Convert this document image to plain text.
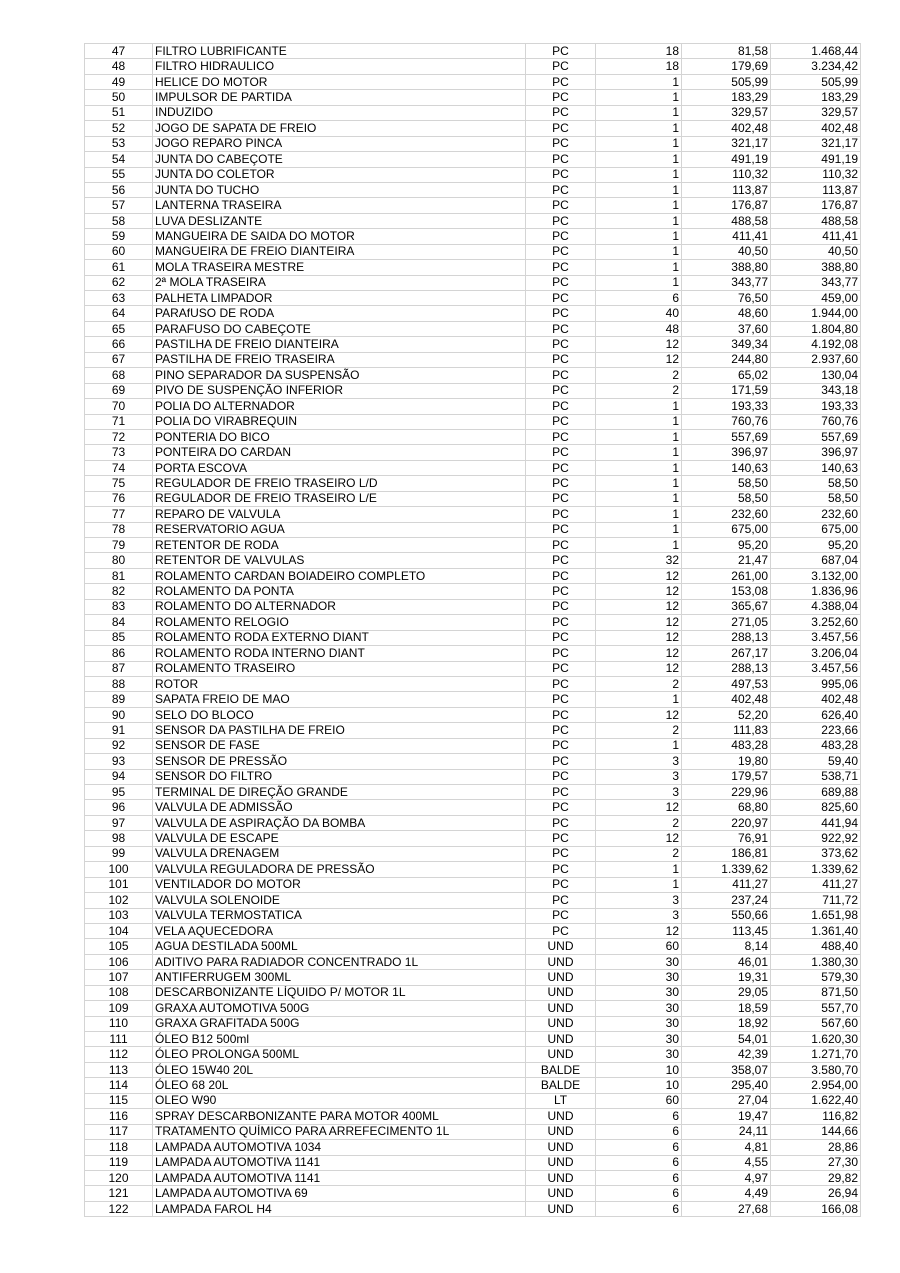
47	FILTRO LUBRIFICANTE	PC	18	81,58	1.468,44
48	FILTRO HIDRAULICO	PC	18	179,69	3.234,42
49	HELICE DO MOTOR	PC	1	505,99	505,99
50	IMPULSOR DE PARTIDA	PC	1	183,29	183,29
51	INDUZIDO	PC	1	329,57	329,57
52	JOGO DE SAPATA DE FREIO	PC	1	402,48	402,48
53	JOGO REPARO PINCA	PC	1	321,17	321,17
54	JUNTA DO CABEÇOTE	PC	1	491,19	491,19
55	JUNTA DO COLETOR	PC	1	110,32	110,32
56	JUNTA DO TUCHO	PC	1	113,87	113,87
57	LANTERNA TRASEIRA	PC	1	176,87	176,87
58	LUVA DESLIZANTE	PC	1	488,58	488,58
59	MANGUEIRA DE SAIDA DO MOTOR	PC	1	411,41	411,41
60	MANGUEIRA DE FREIO DIANTEIRA	PC	1	40,50	40,50
61	MOLA TRASEIRA MESTRE	PC	1	388,80	388,80
62	2ª MOLA TRASEIRA	PC	1	343,77	343,77
63	PALHETA LIMPADOR	PC	6	76,50	459,00
64	PARAfUSO DE RODA	PC	40	48,60	1.944,00
65	PARAFUSO DO CABEÇOTE	PC	48	37,60	1.804,80
66	PASTILHA DE FREIO DIANTEIRA	PC	12	349,34	4.192,08
67	PASTILHA DE FREIO TRASEIRA	PC	12	244,80	2.937,60
68	PINO SEPARADOR DA SUSPENSÃO	PC	2	65,02	130,04
69	PIVO DE SUSPENÇÃO INFERIOR	PC	2	171,59	343,18
70	POLIA DO ALTERNADOR	PC	1	193,33	193,33
71	POLIA DO VIRABREQUIN	PC	1	760,76	760,76
72	PONTERIA DO BICO	PC	1	557,69	557,69
73	PONTEIRA DO CARDAN	PC	1	396,97	396,97
74	PORTA ESCOVA	PC	1	140,63	140,63
75	REGULADOR DE FREIO TRASEIRO L/D	PC	1	58,50	58,50
76	REGULADOR DE FREIO TRASEIRO L/E	PC	1	58,50	58,50
77	REPARO DE VALVULA	PC	1	232,60	232,60
78	RESERVATORIO AGUA	PC	1	675,00	675,00
79	RETENTOR DE RODA	PC	1	95,20	95,20
80	RETENTOR DE VALVULAS	PC	32	21,47	687,04
81	ROLAMENTO CARDAN BOIADEIRO COMPLETO	PC	12	261,00	3.132,00
82	ROLAMENTO DA PONTA	PC	12	153,08	1.836,96
83	ROLAMENTO DO ALTERNADOR	PC	12	365,67	4.388,04
84	ROLAMENTO RELOGIO	PC	12	271,05	3.252,60
85	ROLAMENTO RODA EXTERNO DIANT	PC	12	288,13	3.457,56
86	ROLAMENTO RODA INTERNO DIANT	PC	12	267,17	3.206,04
87	ROLAMENTO TRASEIRO	PC	12	288,13	3.457,56
88	ROTOR	PC	2	497,53	995,06
89	SAPATA FREIO DE MAO	PC	1	402,48	402,48
90	SELO DO BLOCO	PC	12	52,20	626,40
91	SENSOR DA PASTILHA DE FREIO	PC	2	111,83	223,66
92	SENSOR DE FASE	PC	1	483,28	483,28
93	SENSOR DE PRESSÃO	PC	3	19,80	59,40
94	SENSOR DO FILTRO	PC	3	179,57	538,71
95	TERMINAL DE DIREÇÃO GRANDE	PC	3	229,96	689,88
96	VALVULA DE ADMISSÃO	PC	12	68,80	825,60
97	VALVULA DE ASPIRAÇÃO DA BOMBA	PC	2	220,97	441,94
98	VALVULA DE ESCAPE	PC	12	76,91	922,92
99	VALVULA DRENAGEM	PC	2	186,81	373,62
100	VALVULA REGULADORA DE PRESSÃO	PC	1	1.339,62	1.339,62
101	VENTILADOR DO MOTOR	PC	1	411,27	411,27
102	VALVULA SOLENOIDE	PC	3	237,24	711,72
103	VALVULA TERMOSTATICA	PC	3	550,66	1.651,98
104	VELA AQUECEDORA	PC	12	113,45	1.361,40
105	AGUA DESTILADA 500ML	UND	60	8,14	488,40
106	ADITIVO PARA RADIADOR CONCENTRADO 1L	UND	30	46,01	1.380,30
107	ANTIFERRUGEM 300ML	UND	30	19,31	579,30
108	DESCARBONIZANTE LÍQUIDO P/ MOTOR 1L	UND	30	29,05	871,50
109	GRAXA AUTOMOTIVA 500G	UND	30	18,59	557,70
110	GRAXA GRAFITADA 500G	UND	30	18,92	567,60
111	ÓLEO B12 500ml	UND	30	54,01	1.620,30
112	ÓLEO PROLONGA 500ML	UND	30	42,39	1.271,70
113	ÓLEO 15W40 20L	BALDE	10	358,07	3.580,70
114	ÓLEO 68 20L	BALDE	10	295,40	2.954,00
115	OLEO W90	LT	60	27,04	1.622,40
116	SPRAY DESCARBONIZANTE PARA MOTOR 400ML	UND	6	19,47	116,82
117	TRATAMENTO QUÍMICO PARA ARREFECIMENTO 1L	UND	6	24,11	144,66
118	LAMPADA AUTOMOTIVA 1034	UND	6	4,81	28,86
119	LAMPADA AUTOMOTIVA 1141	UND	6	4,55	27,30
120	LAMPADA AUTOMOTIVA 1141	UND	6	4,97	29,82
121	LAMPADA AUTOMOTIVA 69	UND	6	4,49	26,94
122	LAMPADA FAROL H4	UND	6	27,68	166,08
